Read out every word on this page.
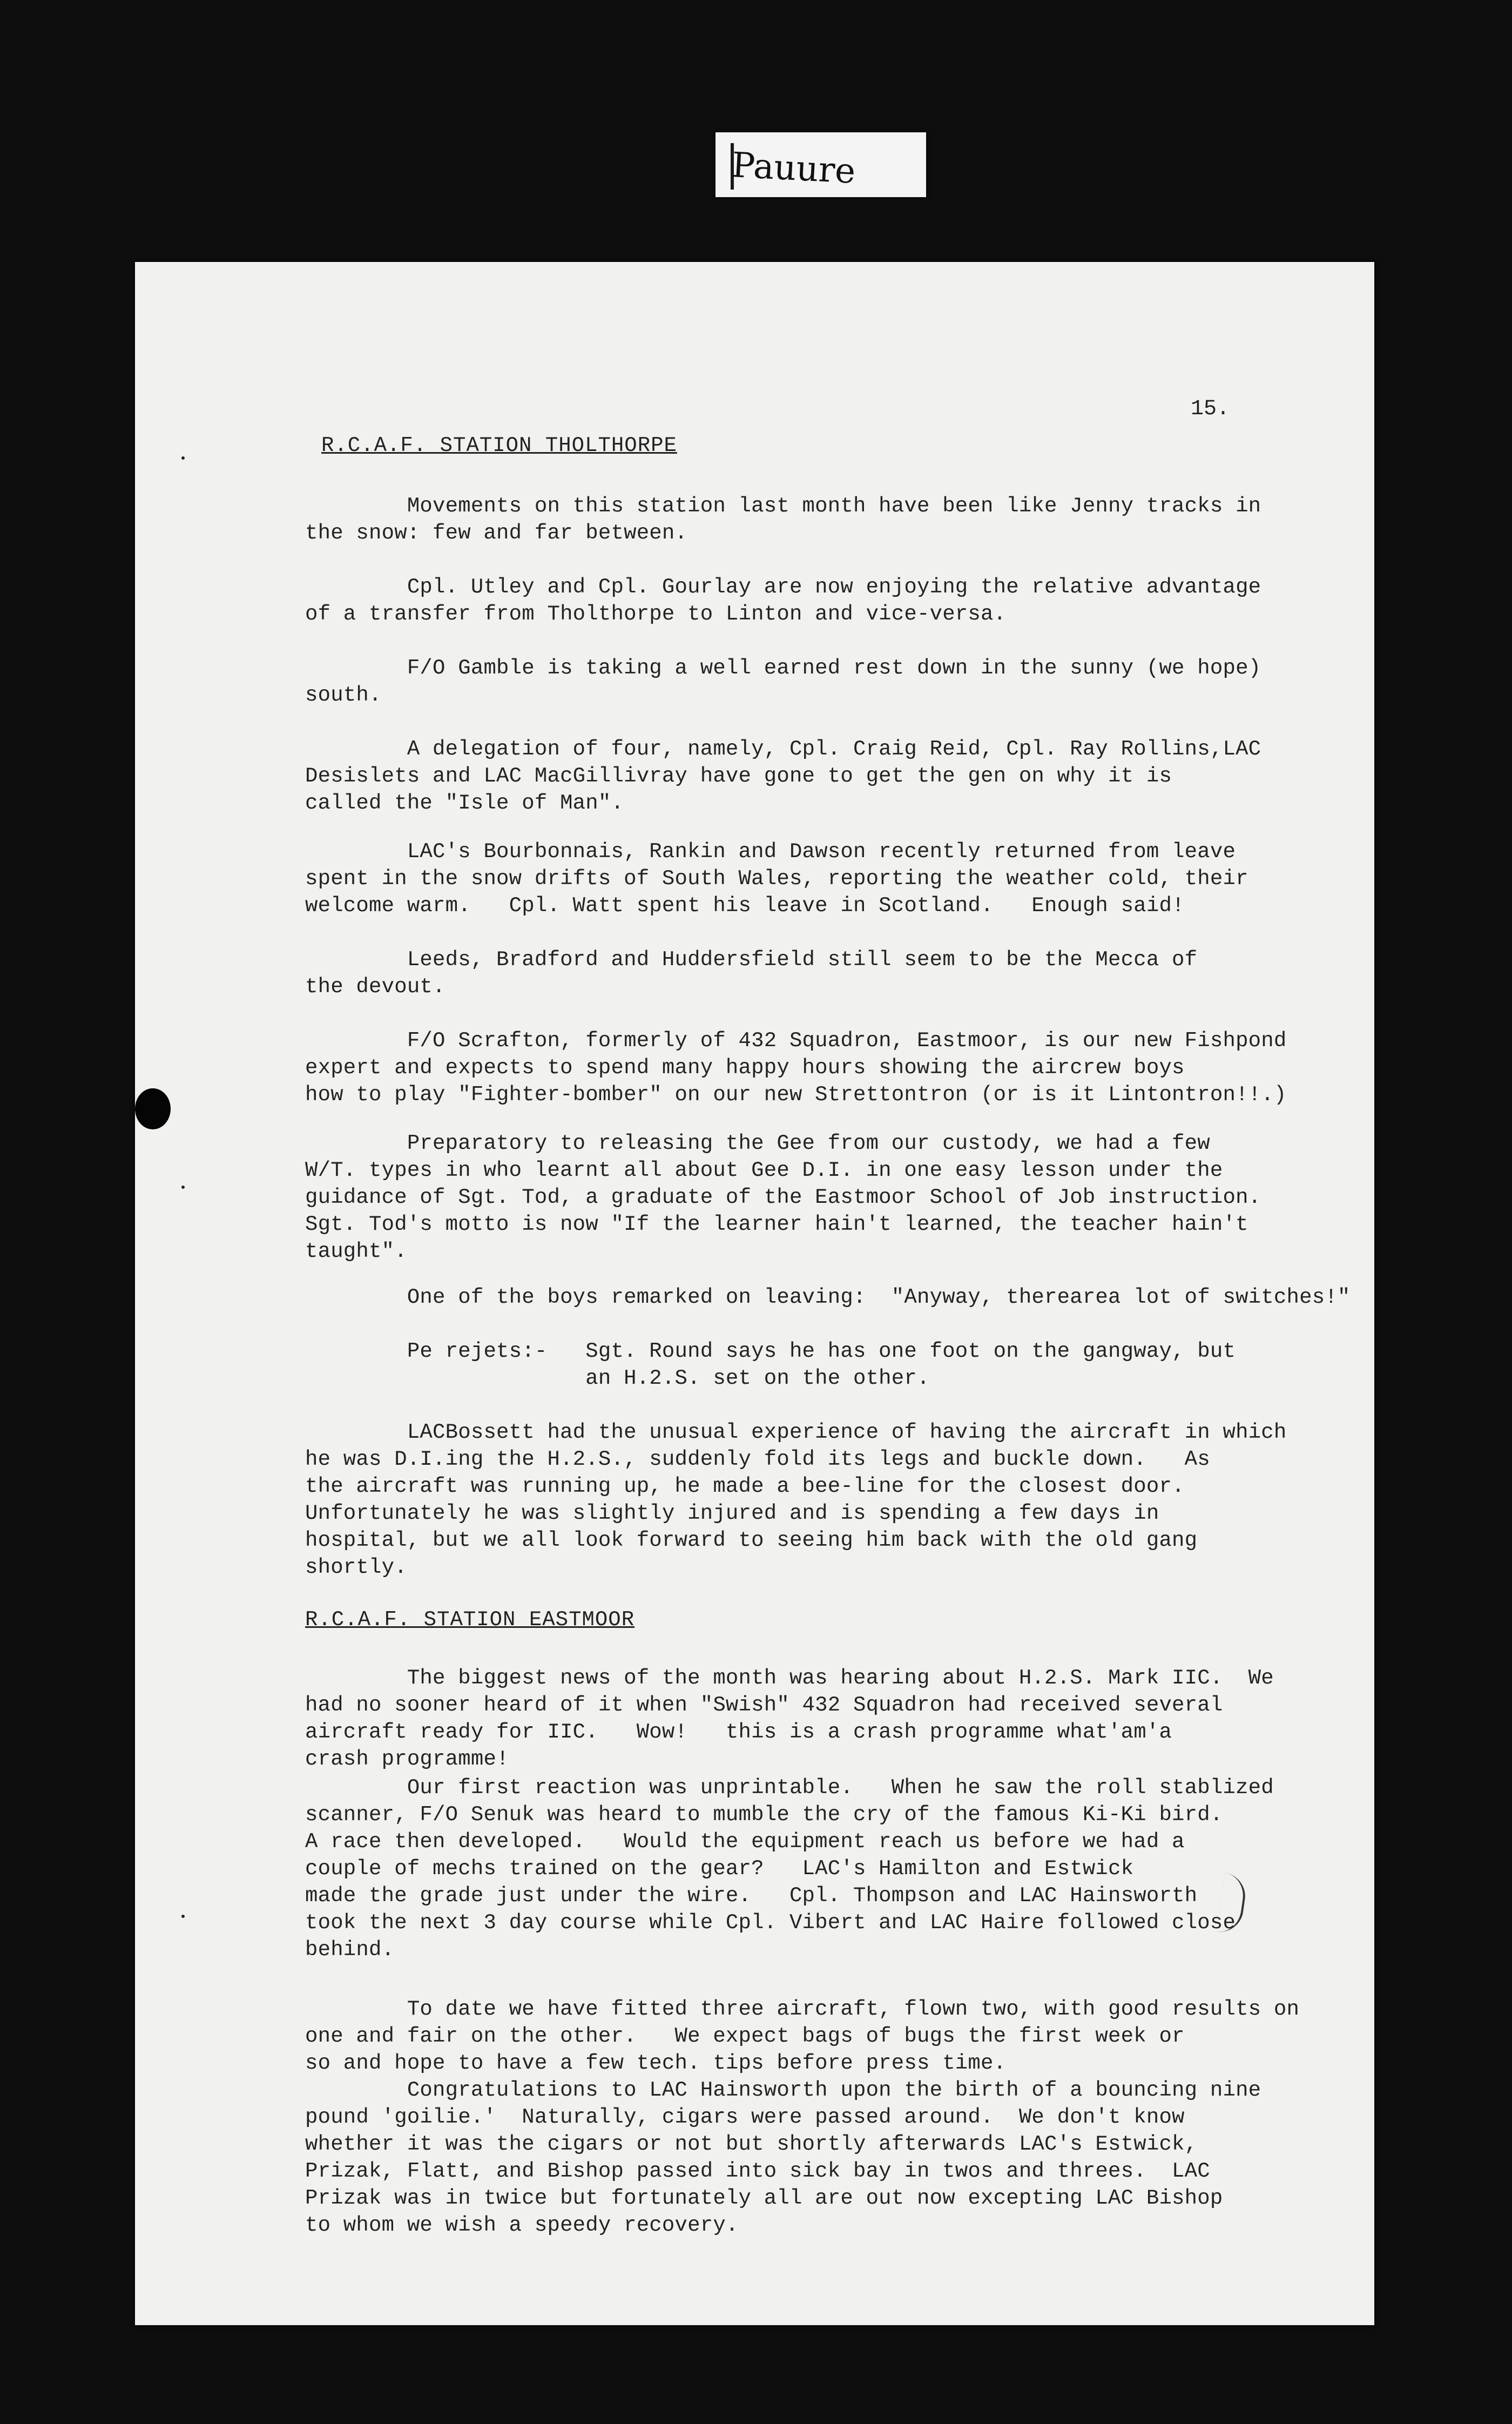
Pauure
15.
R.C.A.F. STATION THOLTHORPE
Movements on this station last month have been like Jenny tracks in
the snow: few and far between.
Cpl. Utley and Cpl. Gourlay are now enjoying the relative advantage
of a transfer from Tholthorpe to Linton and vice-versa.
F/O Gamble is taking a well earned rest down in the sunny (we hope)
south.
A delegation of four, namely, Cpl. Craig Reid, Cpl. Ray Rollins,LAC
Desislets and LAC MacGillivray have gone to get the gen on why it is
called the "Isle of Man".
LAC's Bourbonnais, Rankin and Dawson recently returned from leave
spent in the snow drifts of South Wales, reporting the weather cold, their
welcome warm.   Cpl. Watt spent his leave in Scotland.   Enough said!
Leeds, Bradford and Huddersfield still seem to be the Mecca of
the devout.
F/O Scrafton, formerly of 432 Squadron, Eastmoor, is our new Fishpond
expert and expects to spend many happy hours showing the aircrew boys
how to play "Fighter-bomber" on our new Strettontron (or is it Lintontron!!.)
Preparatory to releasing the Gee from our custody, we had a few
W/T. types in who learnt all about Gee D.I. in one easy lesson under the
guidance of Sgt. Tod, a graduate of the Eastmoor School of Job instruction.
Sgt. Tod's motto is now "If the learner hain't learned, the teacher hain't
taught".
One of the boys remarked on leaving:  "Anyway, therearea lot of switches!"
Pe rejets:-   Sgt. Round says he has one foot on the gangway, but
an H.2.S. set on the other.
LACBossett had the unusual experience of having the aircraft in which
he was D.I.ing the H.2.S., suddenly fold its legs and buckle down.   As
the aircraft was running up, he made a bee-line for the closest door.
Unfortunately he was slightly injured and is spending a few days in
hospital, but we all look forward to seeing him back with the old gang
shortly.
R.C.A.F. STATION EASTMOOR
The biggest news of the month was hearing about H.2.S. Mark IIC.  We
had no sooner heard of it when "Swish" 432 Squadron had received several
aircraft ready for IIC.   Wow!   this is a crash programme what'am'a
crash programme!
Our first reaction was unprintable.   When he saw the roll stablized
scanner, F/O Senuk was heard to mumble the cry of the famous Ki-Ki bird.
A race then developed.   Would the equipment reach us before we had a
couple of mechs trained on the gear?   LAC's Hamilton and Estwick
made the grade just under the wire.   Cpl. Thompson and LAC Hainsworth
took the next 3 day course while Cpl. Vibert and LAC Haire followed close
behind.
To date we have fitted three aircraft, flown two, with good results on
one and fair on the other.   We expect bags of bugs the first week or
so and hope to have a few tech. tips before press time.
Congratulations to LAC Hainsworth upon the birth of a bouncing nine
pound 'goilie.'  Naturally, cigars were passed around.  We don't know
whether it was the cigars or not but shortly afterwards LAC's Estwick,
Prizak, Flatt, and Bishop passed into sick bay in twos and threes.  LAC
Prizak was in twice but fortunately all are out now excepting LAC Bishop
to whom we wish a speedy recovery.
